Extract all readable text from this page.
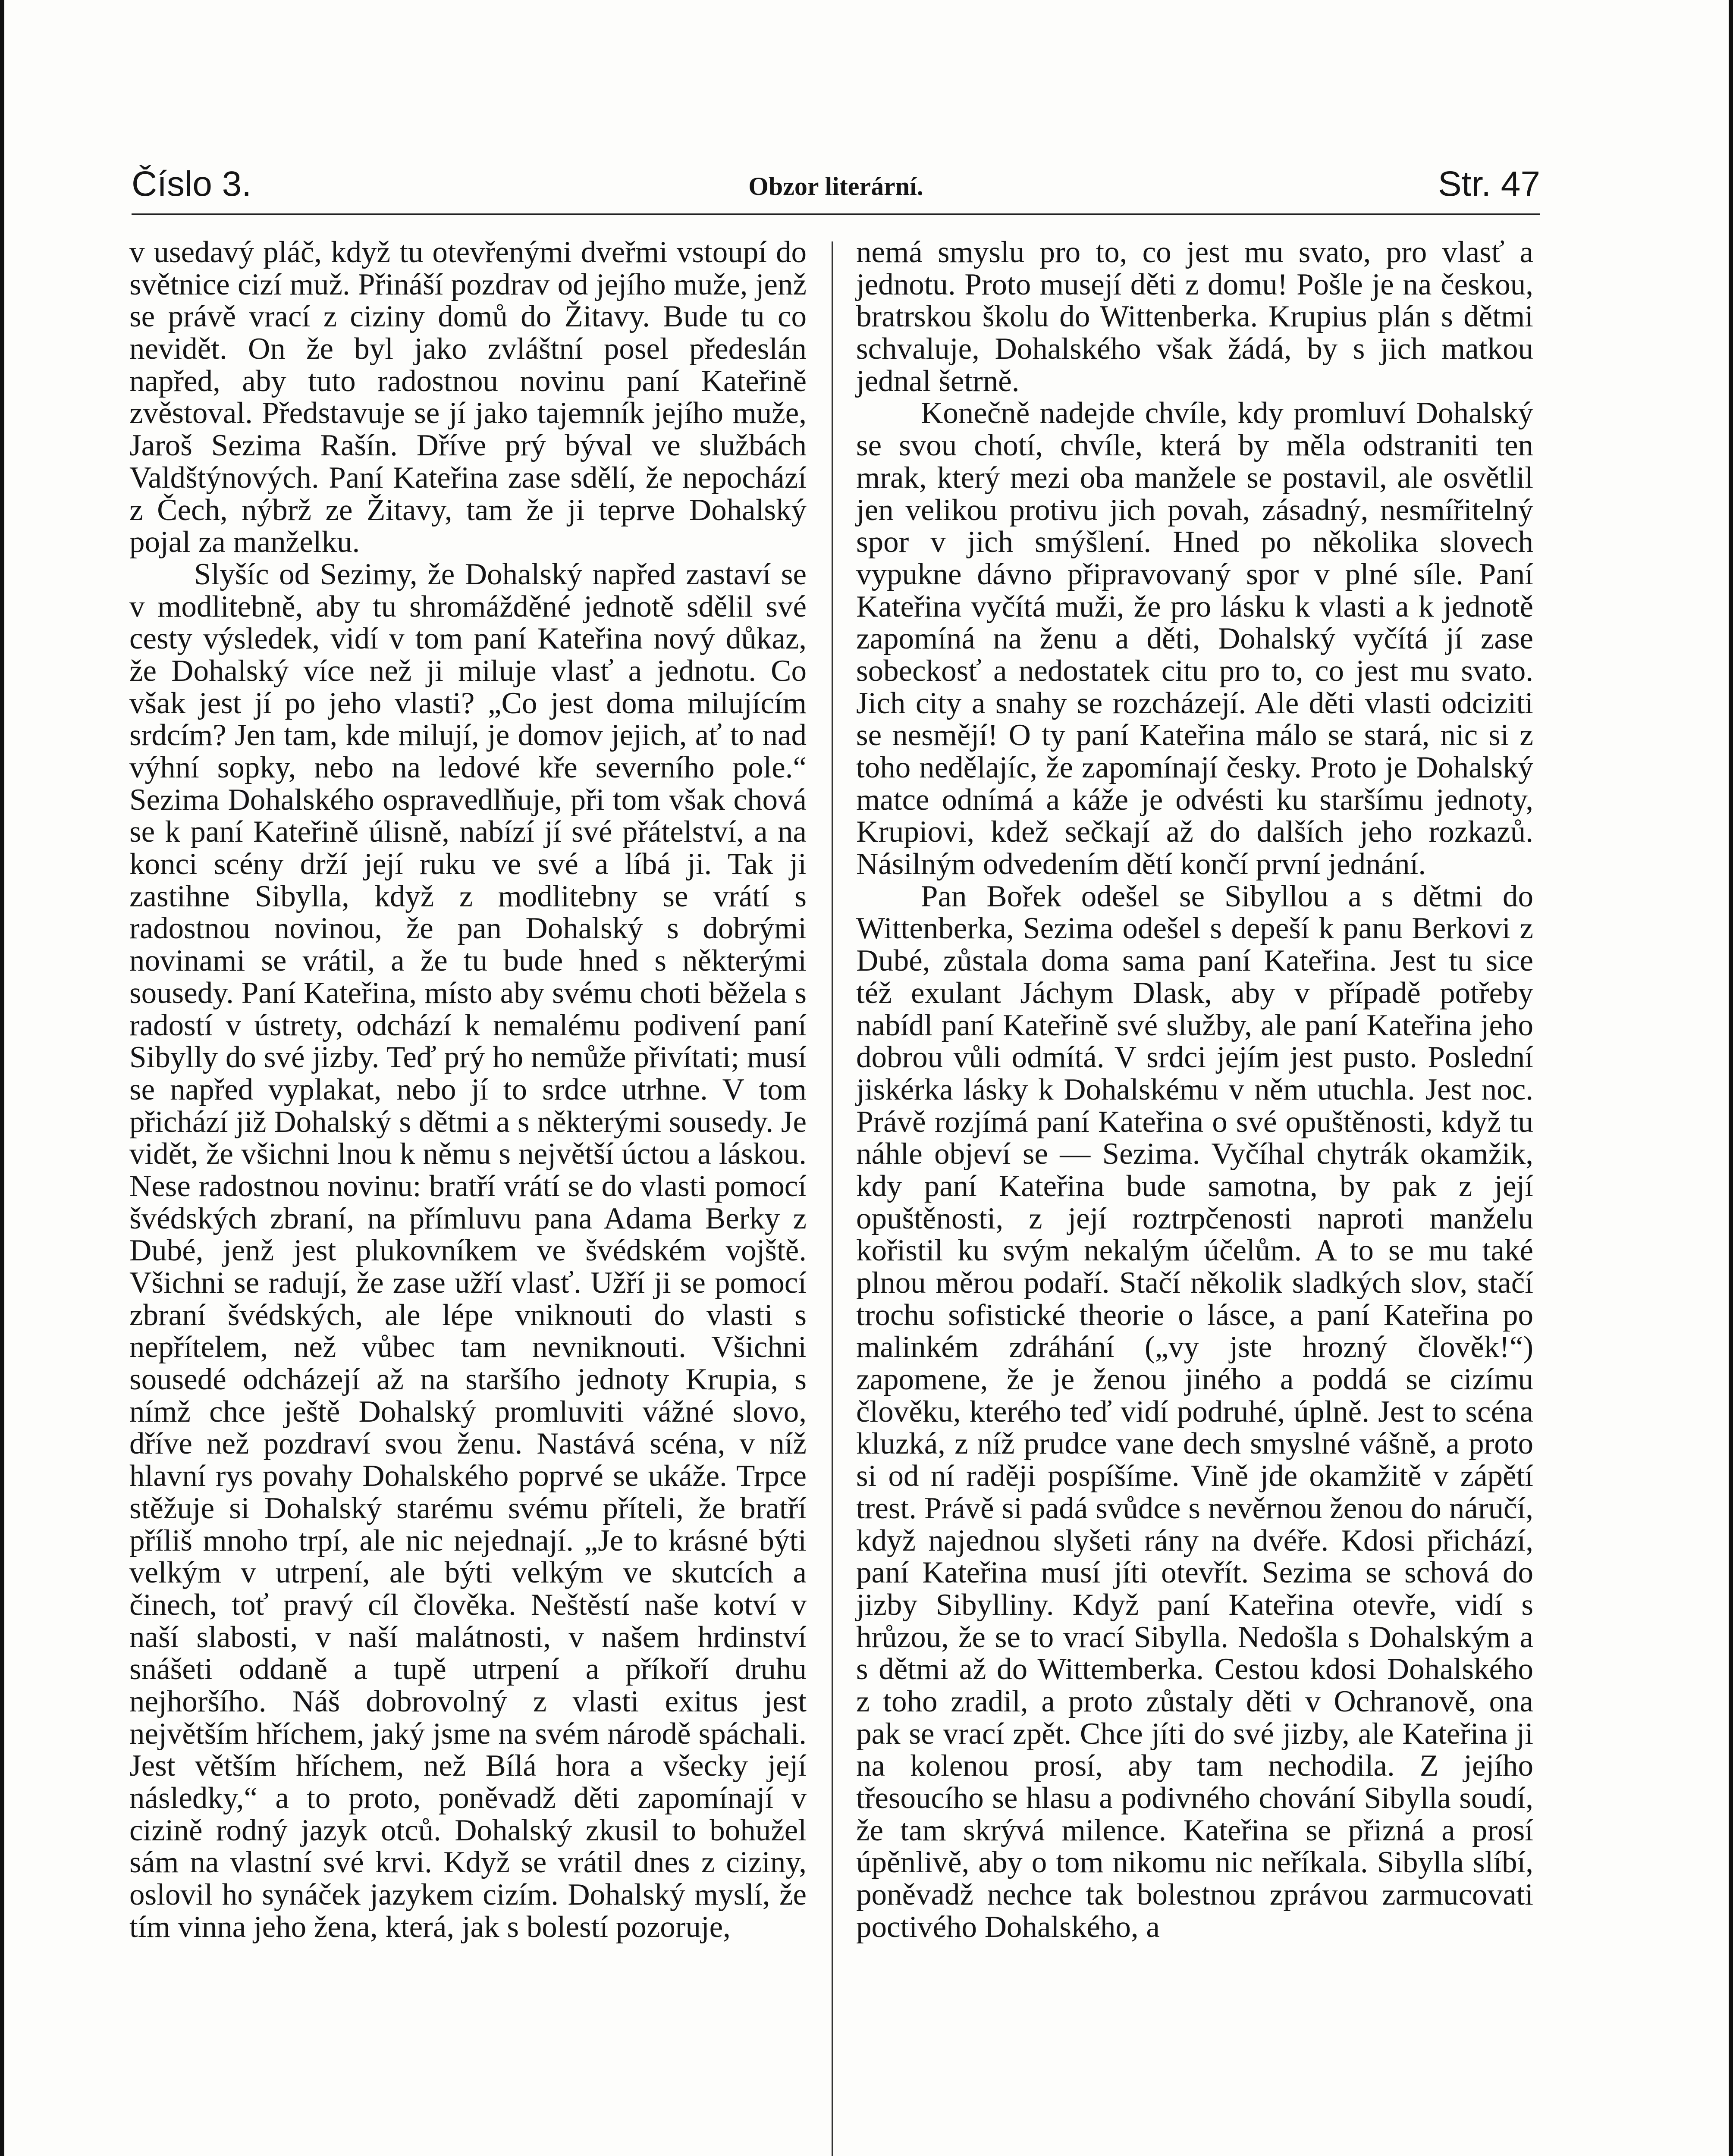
Číslo 3.	Obzor literární.	Str. 47

v usedavý pláč, když tu otevřenými dveřmi vstoupí do světnice cizí muž. Přináší pozdrav od jejího muže, jenž se právě vrací z ciziny domů do Žitavy. Bude tu co nevidět. On že byl jako zvláštní posel předeslán napřed, aby tuto radostnou novinu paní Kateřině zvěstoval. Představuje se jí jako tajemník jejího muže, Jaroš Sezima Rašín. Dříve prý býval ve službách Valdštýnových. Paní Kateřina zase sdělí, že nepochází z Čech, nýbrž ze Žitavy, tam že ji teprve Dohalský pojal za manželku.

Slyšíc od Sezimy, že Dohalský napřed zastaví se v modlitebně, aby tu shromážděné jednotě sdělil své cesty výsledek, vidí v tom paní Kateřina nový důkaz, že Dohalský více než ji miluje vlasť a jednotu. Co však jest jí po jeho vlasti? „Co jest doma milujícím srdcím? Jen tam, kde milují, je domov jejich, ať to nad výhní sopky, nebo na ledové kře severního pole.“ Sezima Dohalského ospravedlňuje, při tom však chová se k paní Kateřině úlisně, nabízí jí své přátelství, a na konci scény drží její ruku ve své a líbá ji. Tak ji zastihne Sibylla, když z modlitebny se vrátí s radostnou novinou, že pan Dohalský s dobrými novinami se vrátil, a že tu bude hned s některými sousedy. Paní Kateřina, místo aby svému choti běžela s radostí v ústrety, odchází k nemalému podivení paní Sibylly do své jizby. Teď prý ho nemůže přivítati; musí se napřed vyplakat, nebo jí to srdce utrhne. V tom přichází již Dohalský s dětmi a s některými sousedy. Je vidět, že všichni lnou k němu s největší úctou a láskou. Nese radostnou novinu: bratří vrátí se do vlasti pomocí švédských zbraní, na přímluvu pana Adama Berky z Dubé, jenž jest plukovníkem ve švédském vojště. Všichni se radují, že zase užří vlasť. Užří ji se pomocí zbraní švédských, ale lépe vniknouti do vlasti s nepřítelem, než vůbec tam nevniknouti. Všichni sousedé odcházejí až na staršího jednoty Krupia, s nímž chce ještě Dohalský promluviti vážné slovo, dříve než pozdraví svou ženu. Nastává scéna, v níž hlavní rys povahy Dohalského poprvé se ukáže. Trpce stěžuje si Dohalský starému svému příteli, že bratří příliš mnoho trpí, ale nic nejednají. „Je to krásné býti velkým v utrpení, ale býti velkým ve skutcích a činech, toť pravý cíl člověka. Neštěstí naše kotví v naší slabosti, v naší malátnosti, v našem hrdinství snášeti oddaně a tupě utrpení a příkoří druhu nejhoršího. Náš dobrovolný z vlasti exitus jest největším hříchem, jaký jsme na svém národě spáchali. Jest větším hříchem, než Bílá hora a všecky její následky,“ a to proto, poněvadž děti zapomínají v cizině rodný jazyk otců. Dohalský zkusil to bohužel sám na vlastní své krvi. Když se vrátil dnes z ciziny, oslovil ho synáček jazykem cizím. Dohalský myslí, že tím vinna jeho žena, která, jak s bolestí pozoruje,

nemá smyslu pro to, co jest mu svato, pro vlasť a jednotu. Proto musejí děti z domu! Pošle je na českou, bratrskou školu do Wittenberka. Krupius plán s dětmi schvaluje, Dohalského však žádá, by s jich matkou jednal šetrně.

Konečně nadejde chvíle, kdy promluví Dohalský se svou chotí, chvíle, která by měla odstraniti ten mrak, který mezi oba manžele se postavil, ale osvětlil jen velikou protivu jich povah, zásadný, nesmířitelný spor v jich smýšlení. Hned po několika slovech vypukne dávno připravovaný spor v plné síle. Paní Kateřina vyčítá muži, že pro lásku k vlasti a k jednotě zapomíná na ženu a děti, Dohalský vyčítá jí zase sobeckosť a nedostatek citu pro to, co jest mu svato. Jich city a snahy se rozcházejí. Ale děti vlasti odciziti se nesmějí! O ty paní Kateřina málo se stará, nic si z toho nedělajíc, že zapomínají česky. Proto je Dohalský matce odnímá a káže je odvésti ku staršímu jednoty, Krupiovi, kdež sečkají až do dalších jeho rozkazů. Násilným odvedením dětí končí první jednání.

Pan Bořek odešel se Sibyllou a s dětmi do Wittenberka, Sezima odešel s depeší k panu Berkovi z Dubé, zůstala doma sama paní Kateřina. Jest tu sice též exulant Jáchym Dlask, aby v případě potřeby nabídl paní Kateřině své služby, ale paní Kateřina jeho dobrou vůli odmítá. V srdci jejím jest pusto. Poslední jiskérka lásky k Dohalskému v něm utuchla. Jest noc. Právě rozjímá paní Kateřina o své opuštěnosti, když tu náhle objeví se — Sezima. Vyčíhal chytrák okamžik, kdy paní Kateřina bude samotna, by pak z její opuštěnosti, z její roztrpčenosti naproti manželu kořistil ku svým nekalým účelům. A to se mu také plnou měrou podaří. Stačí několik sladkých slov, stačí trochu sofistické theorie o lásce, a paní Kateřina po malinkém zdráhání („vy jste hrozný člověk!“) zapomene, že je ženou jiného a poddá se cizímu člověku, kterého teď vidí podruhé, úplně. Jest to scéna kluzká, z níž prudce vane dech smyslné vášně, a proto si od ní raději pospíšíme. Vině jde okamžitě v zápětí trest. Právě si padá svůdce s nevěrnou ženou do náručí, když najednou slyšeti rány na dvéře. Kdosi přichází, paní Kateřina musí jíti otevřít. Sezima se schová do jizby Sibylliny. Když paní Kateřina otevře, vidí s hrůzou, že se to vrací Sibylla. Nedošla s Dohalským a s dětmi až do Wittemberka. Cestou kdosi Dohalského z toho zradil, a proto zůstaly děti v Ochranově, ona pak se vrací zpět. Chce jíti do své jizby, ale Kateřina ji na kolenou prosí, aby tam nechodila. Z jejího třesoucího se hlasu a podivného chování Sibylla soudí, že tam skrývá milence. Kateřina se přizná a prosí úpěnlivě, aby o tom nikomu nic neříkala. Sibylla slíbí, poněvadž nechce tak bolestnou zprávou zarmucovati poctivého Dohalského, a
